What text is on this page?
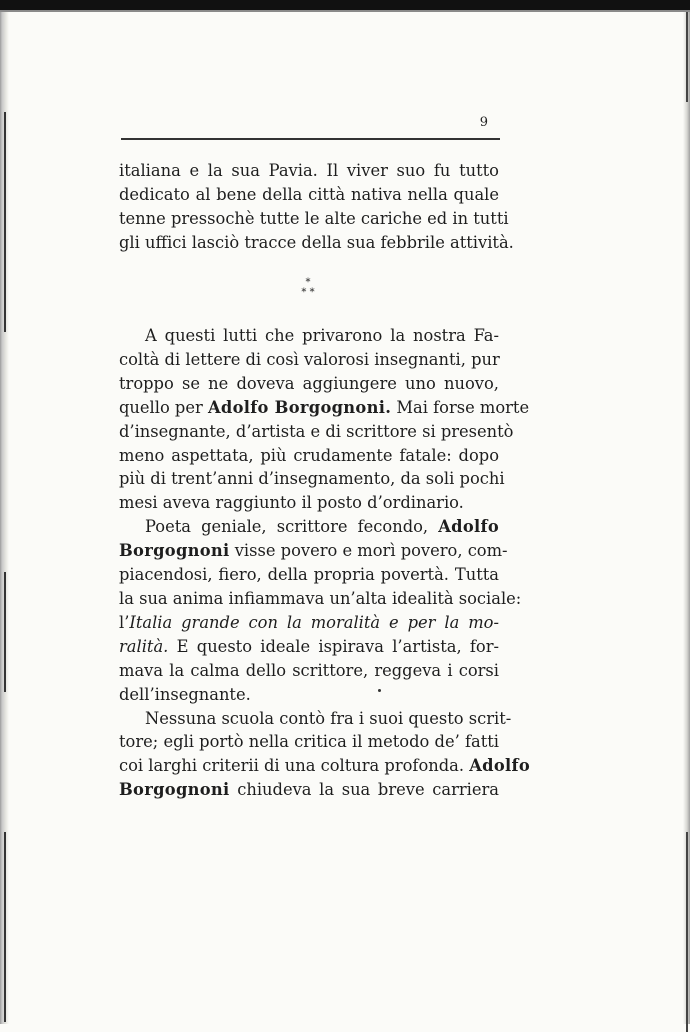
9
italiana e la sua Pavia. Il viver suo fu tutto
dedicato al bene della città nativa nella quale
tenne pressochè tutte le alte cariche ed in tutti
gli uffici lasciò tracce della sua febbrile attività.
*
* *
A questi lutti che privarono la nostra Fa-
coltà di lettere di così valorosi insegnanti, pur
troppo se ne doveva aggiungere uno nuovo,
quello per Adolfo Borgognoni. Mai forse morte
d’insegnante, d’artista e di scrittore si presentò
meno aspettata, più crudamente fatale: dopo
più di trent’anni d’insegnamento, da soli pochi
mesi aveva raggiunto il posto d’ordinario.
Poeta geniale, scrittore fecondo, Adolfo
Borgognoni visse povero e morì povero, com-
piacendosi, fiero, della propria povertà. Tutta
la sua anima infiammava un’alta idealità sociale:
l’Italia grande con la moralità e per la mo-
ralità. E questo ideale ispirava l’artista, for-
mava la calma dello scrittore, reggeva i corsi
dell’insegnante.
Nessuna scuola contò fra i suoi questo scrit-
tore; egli portò nella critica il metodo de’ fatti
coi larghi criterii di una coltura profonda. Adolfo
Borgognoni chiudeva la sua breve carriera
